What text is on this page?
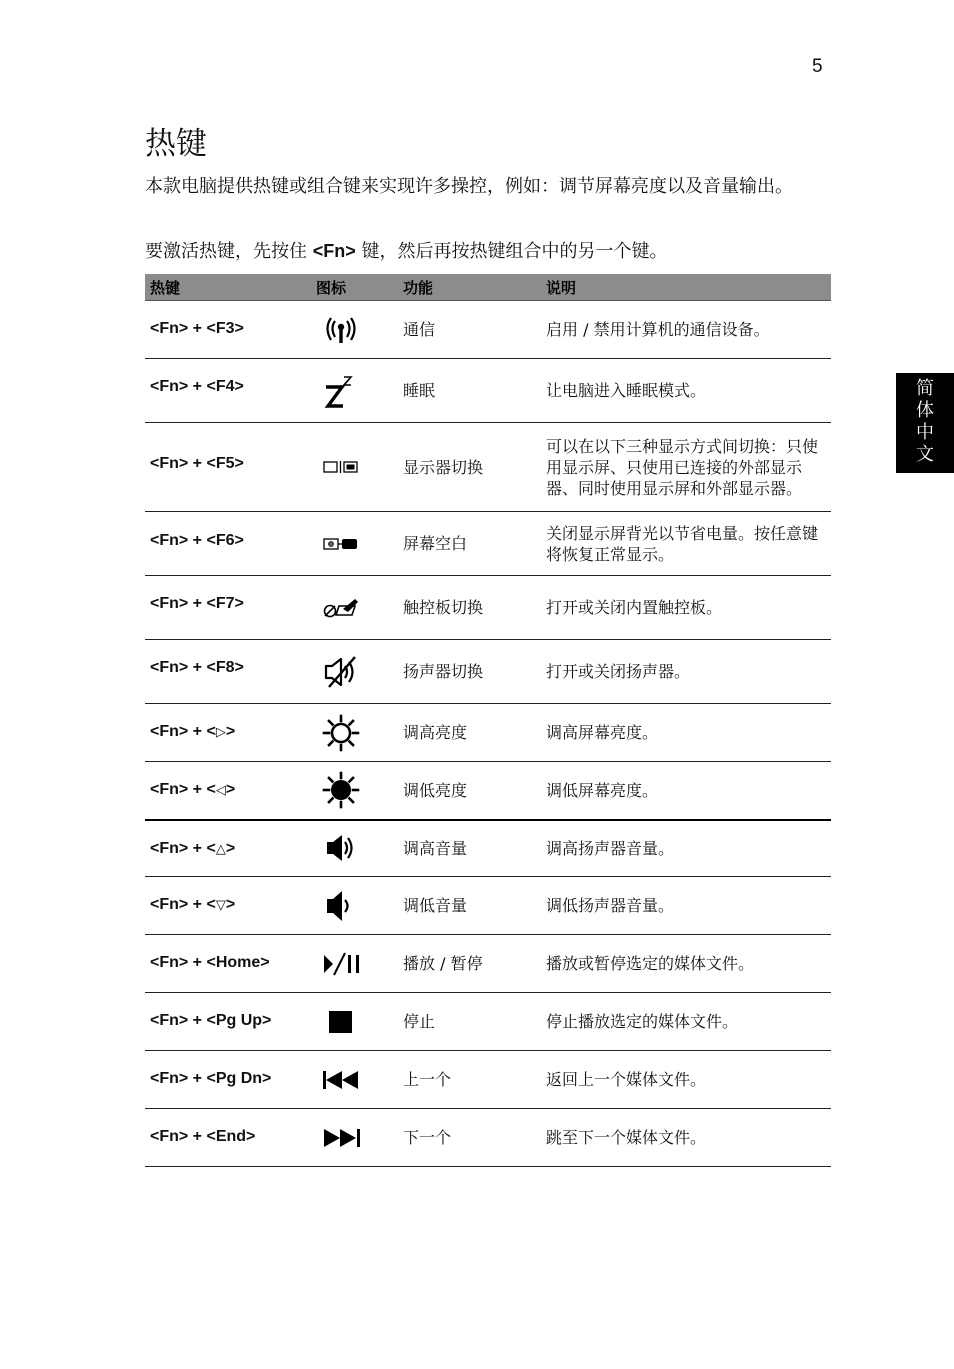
5
简
体
中
文
热键

本款电脑提供热键或组合键来实现许多操控，例如：调节屏幕亮度以及音量输出。

要激活热键，先按住 <Fn> 键，然后再按热键组合中的另一个键。

热键	图标	功能	说明
<Fn> + <F3>		通信	启用 / 禁用计算机的通信设备。
<Fn> + <F4>		睡眠	让电脑进入睡眠模式。
<Fn> + <F5>		显示器切换	可以在以下三种显示方式间切换：只使用显示屏、只使用已连接的外部显示器、同时使用显示屏和外部显示器。
<Fn> + <F6>		屏幕空白	关闭显示屏背光以节省电量。按任意键将恢复正常显示。
<Fn> + <F7>		触控板切换	打开或关闭内置触控板。
<Fn> + <F8>		扬声器切换	打开或关闭扬声器。
<Fn> + <▷>		调高亮度	调高屏幕亮度。
<Fn> + <◁>		调低亮度	调低屏幕亮度。
<Fn> + <△>		调高音量	调高扬声器音量。
<Fn> + <▽>		调低音量	调低扬声器音量。
<Fn> + <Home>		播放 / 暂停	播放或暂停选定的媒体文件。
<Fn> + <Pg Up>		停止	停止播放选定的媒体文件。
<Fn> + <Pg Dn>		上一个	返回上一个媒体文件。
<Fn> + <End>		下一个	跳至下一个媒体文件。
